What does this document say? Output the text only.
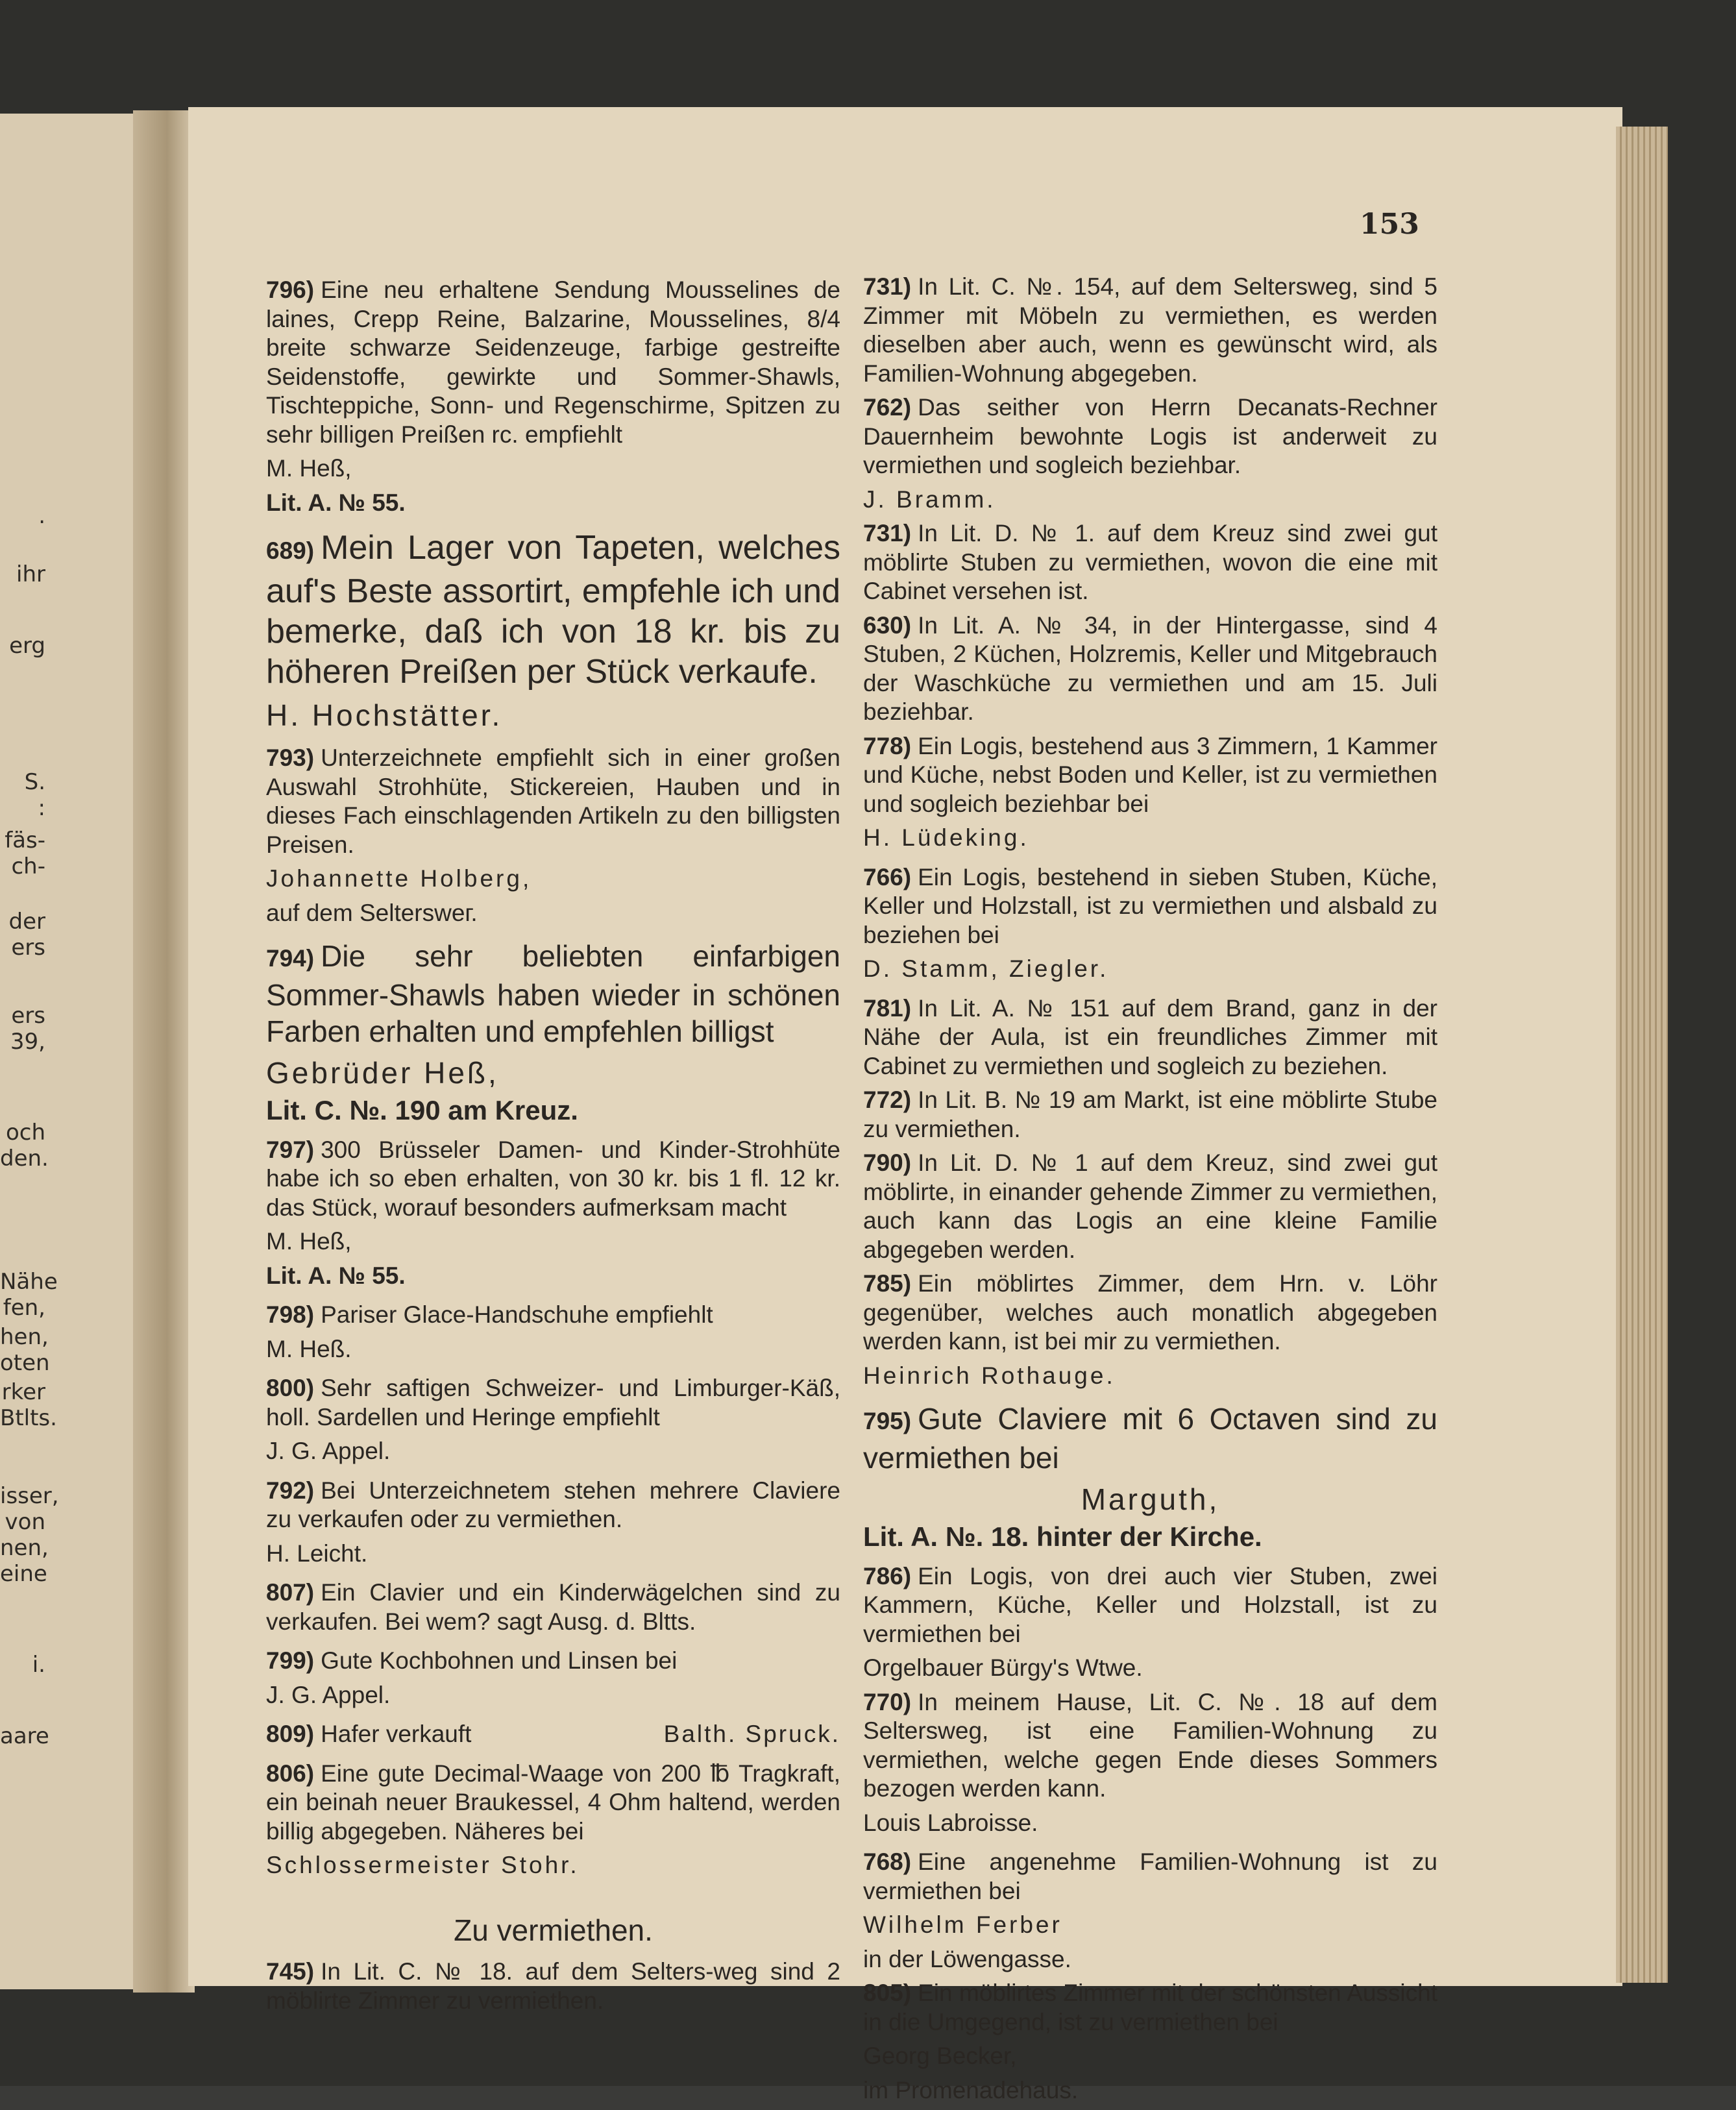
.
ihr
erg
S.
:
fäs-
ch-
der
ers
ers
39,
och
den.
Nähe
fen,
hen,
oten
rker
Btlts.
isser,
von
nen,
eine
i.
aare
153

796) Eine neu erhaltene Sendung Mousselines de laines, Crepp Reine, Balzarine, Mousselines, 8/4 breite schwarze Seidenzeuge, farbige gestreifte Seidenstoffe, gewirkte und Sommer-Shawls, Tischteppiche, Sonn- und Regenschirme, Spitzen zu sehr billigen Preißen rc. empfiehlt

M. Heß,

Lit. A. № 55.

689) Mein Lager von Tapeten, welches auf's Beste assortirt, empfehle ich und bemerke, daß ich von 18 kr. bis zu höheren Preißen per Stück verkaufe.

H. Hochstätter.

793) Unterzeichnete empfiehlt sich in einer großen Auswahl Strohhüte, Stickereien, Hauben und in dieses Fach einschlagenden Artikeln zu den billigsten Preisen.

Johannette Holberg,

auf dem Selterswег.

794) Die sehr beliebten einfarbigen Sommer-Shawls haben wieder in schönen Farben erhalten und empfehlen billigst

Gebrüder Heß,

Lit. C. №. 190 am Kreuz.

797) 300 Brüsseler Damen- und Kinder-Strohhüte habe ich so eben erhalten, von 30 kr. bis 1 fl. 12 kr. das Stück, worauf besonders aufmerksam macht

M. Heß,

Lit. A. № 55.

798) Pariser Glace-Handschuhe empfiehlt

M. Heß.

800) Sehr saftigen Schweizer- und Limburger-Käß, holl. Sardellen und Heringe empfiehlt

J. G. Appel.

792) Bei Unterzeichnetem stehen mehrere Claviere zu verkaufen oder zu vermiethen.

H. Leicht.

807) Ein Clavier und ein Kinderwägelchen sind zu verkaufen. Bei wem? sagt Ausg. d. Bltts.

799) Gute Kochbohnen und Linsen bei

J. G. Appel.

809) Hafer verkauft	Balth. Spruck.

806) Eine gute Decimal-Waage von 200 ℔ Tragkraft, ein beinah neuer Braukessel, 4 Ohm haltend, werden billig abgegeben. Näheres bei

Schlossermeister Stohr.

Zu vermiethen.

745) In Lit. C. № 18. auf dem Selters-weg sind 2 möblirte Zimmer zu vermiethen.

731) In Lit. C. №. 154, auf dem Seltersweg, sind 5 Zimmer mit Möbeln zu vermiethen, es werden dieselben aber auch, wenn es gewünscht wird, als Familien-Wohnung abgegeben.

762) Das seither von Herrn Decanats-Rechner Dauernheim bewohnte Logis ist anderweit zu vermiethen und sogleich beziehbar.

J. Bramm.

731) In Lit. D. № 1. auf dem Kreuz sind zwei gut möblirte Stuben zu vermiethen, wovon die eine mit Cabinet versehen ist.

630) In Lit. A. № 34, in der Hintergasse, sind 4 Stuben, 2 Küchen, Holzremis, Keller und Mitgebrauch der Waschküche zu vermiethen und am 15. Juli beziehbar.

778) Ein Logis, bestehend aus 3 Zimmern, 1 Kammer und Küche, nebst Boden und Keller, ist zu vermiethen und sogleich beziehbar bei

H. Lüdeking.

766) Ein Logis, bestehend in sieben Stuben, Küche, Keller und Holzstall, ist zu vermiethen und alsbald zu beziehen bei

D. Stamm, Ziegler.

781) In Lit. A. № 151 auf dem Brand, ganz in der Nähe der Aula, ist ein freundliches Zimmer mit Cabinet zu vermiethen und sogleich zu beziehen.

772) In Lit. B. № 19 am Markt, ist eine möblirte Stube zu vermiethen.

790) In Lit. D. № 1 auf dem Kreuz, sind zwei gut möblirte, in einander gehende Zimmer zu vermiethen, auch kann das Logis an eine kleine Familie abgegeben werden.

785) Ein möblirtes Zimmer, dem Hrn. v. Löhr gegenüber, welches auch monatlich abgegeben werden kann, ist bei mir zu vermiethen.

Heinrich Rothauge.

795) Gute Claviere mit 6 Octaven sind zu vermiethen bei

Marguth,

Lit. A. №. 18. hinter der Kirche.

786) Ein Logis, von drei auch vier Stuben, zwei Kammern, Küche, Keller und Holzstall, ist zu vermiethen bei

Orgelbauer Bürgy's Wtwe.

770) In meinem Hause, Lit. C. №. 18 auf dem Seltersweg, ist eine Familien-Wohnung zu vermiethen, welche gegen Ende dieses Sommers bezogen werden kann.

Louis Labroisse.

768) Eine angenehme Familien-Wohnung ist zu vermiethen bei

Wilhelm Ferber

in der Löwengasse.

805) Ein möblirtes Zimmer mit der schönsten Aussicht in die Umgegend, ist zu vermiethen bei

Georg Becker,

im Promenadehaus.
